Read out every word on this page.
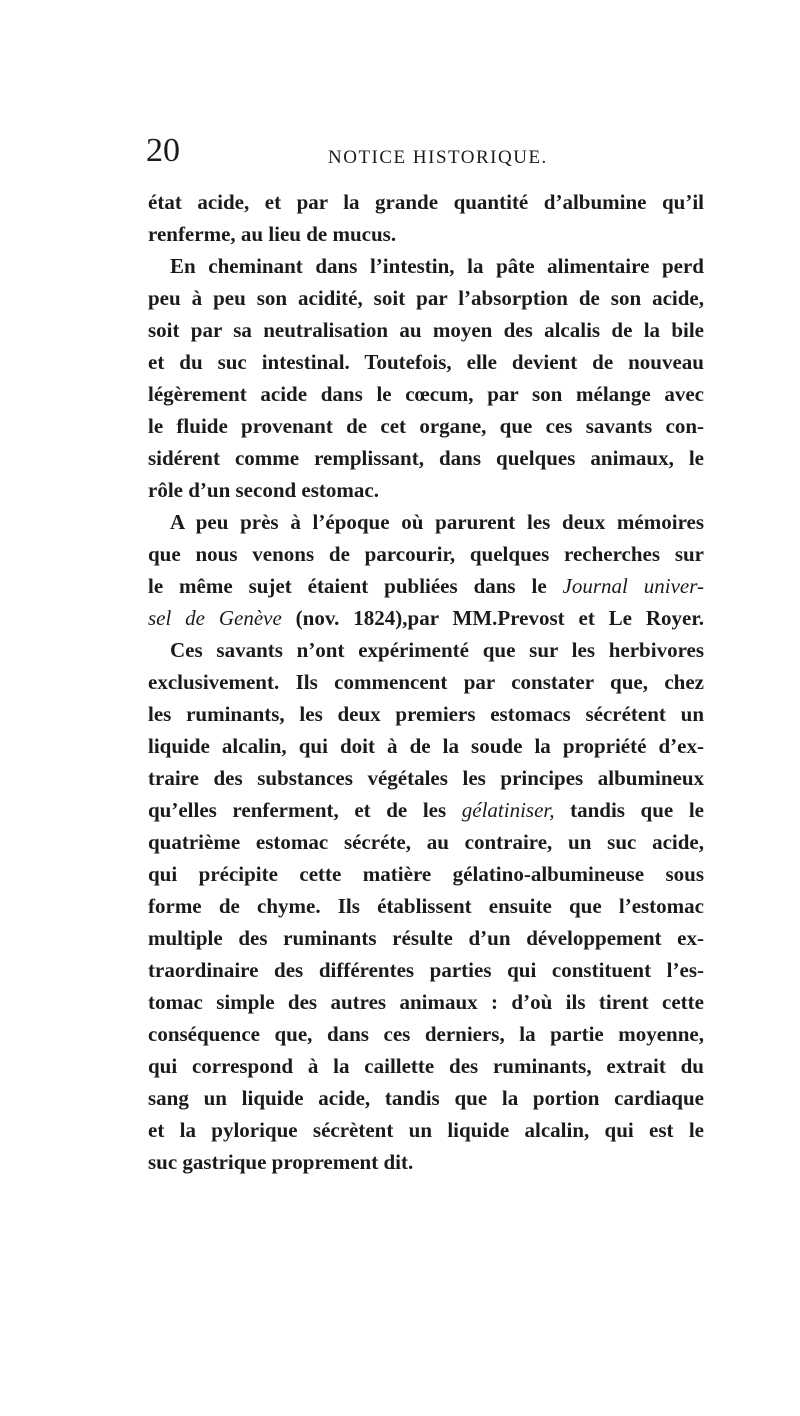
20	NOTICE HISTORIQUE.
état acide, et par la grande quantité d’albumine qu’il
renferme, au lieu de mucus.
En cheminant dans l’intestin, la pâte alimentaire perd
peu à peu son acidité, soit par l’absorption de son acide,
soit par sa neutralisation au moyen des alcalis de la bile
et du suc intestinal. Toutefois, elle devient de nouveau
légèrement acide dans le cœcum, par son mélange avec
le fluide provenant de cet organe, que ces savants con-
sidérent comme remplissant, dans quelques animaux, le
rôle d’un second estomac.
A peu près à l’époque où parurent les deux mémoires
que nous venons de parcourir, quelques recherches sur
le même sujet étaient publiées dans le Journal univer-
sel de Genève (nov. 1824),par MM.Prevost et Le Royer.
Ces savants n’ont expérimenté que sur les herbivores
exclusivement. Ils commencent par constater que, chez
les ruminants, les deux premiers estomacs sécrétent un
liquide alcalin, qui doit à de la soude la propriété d’ex-
traire des substances végétales les principes albumineux
qu’elles renferment, et de les gélatiniser, tandis que le
quatrième estomac sécréte, au contraire, un suc acide,
qui précipite cette matière gélatino-albumineuse sous
forme de chyme. Ils établissent ensuite que l’estomac
multiple des ruminants résulte d’un développement ex-
traordinaire des différentes parties qui constituent l’es-
tomac simple des autres animaux : d’où ils tirent cette
conséquence que, dans ces derniers, la partie moyenne,
qui correspond à la caillette des ruminants, extrait du
sang un liquide acide, tandis que la portion cardiaque
et la pylorique sécrètent un liquide alcalin, qui est le
suc gastrique proprement dit.
